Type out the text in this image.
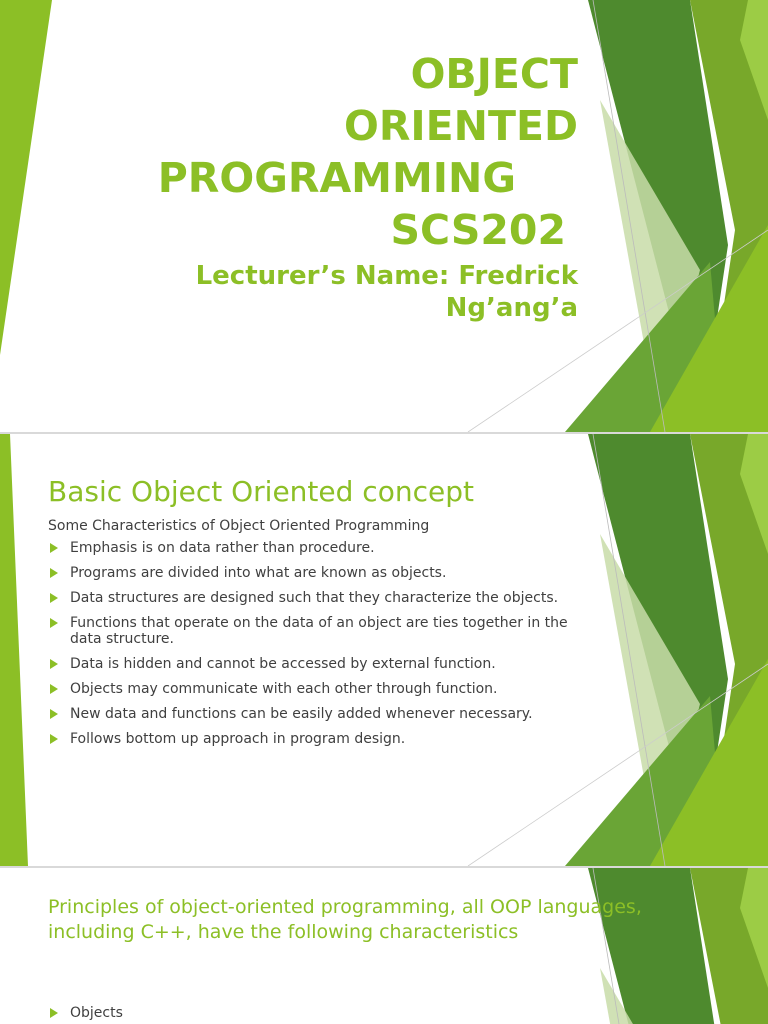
OBJECT
ORIENTED
PROGRAMMING
SCS202
Lecturer’s Name: Fredrick
Ng’ang’a
Basic Object Oriented concept
Some Characteristics of Object Oriented Programming
Emphasis is on data rather than procedure.
Programs are divided into what are known as objects.
Data structures are designed such that they characterize the objects.
Functions that operate on the data of an object are ties together in the data structure.
Data is hidden and cannot be accessed by external function.
Objects may communicate with each other through function.
New data and functions can be easily added whenever necessary.
Follows bottom up approach in program design.
Principles of object-oriented programming, all OOP languages, including C++, have the following characteristics
Objects
